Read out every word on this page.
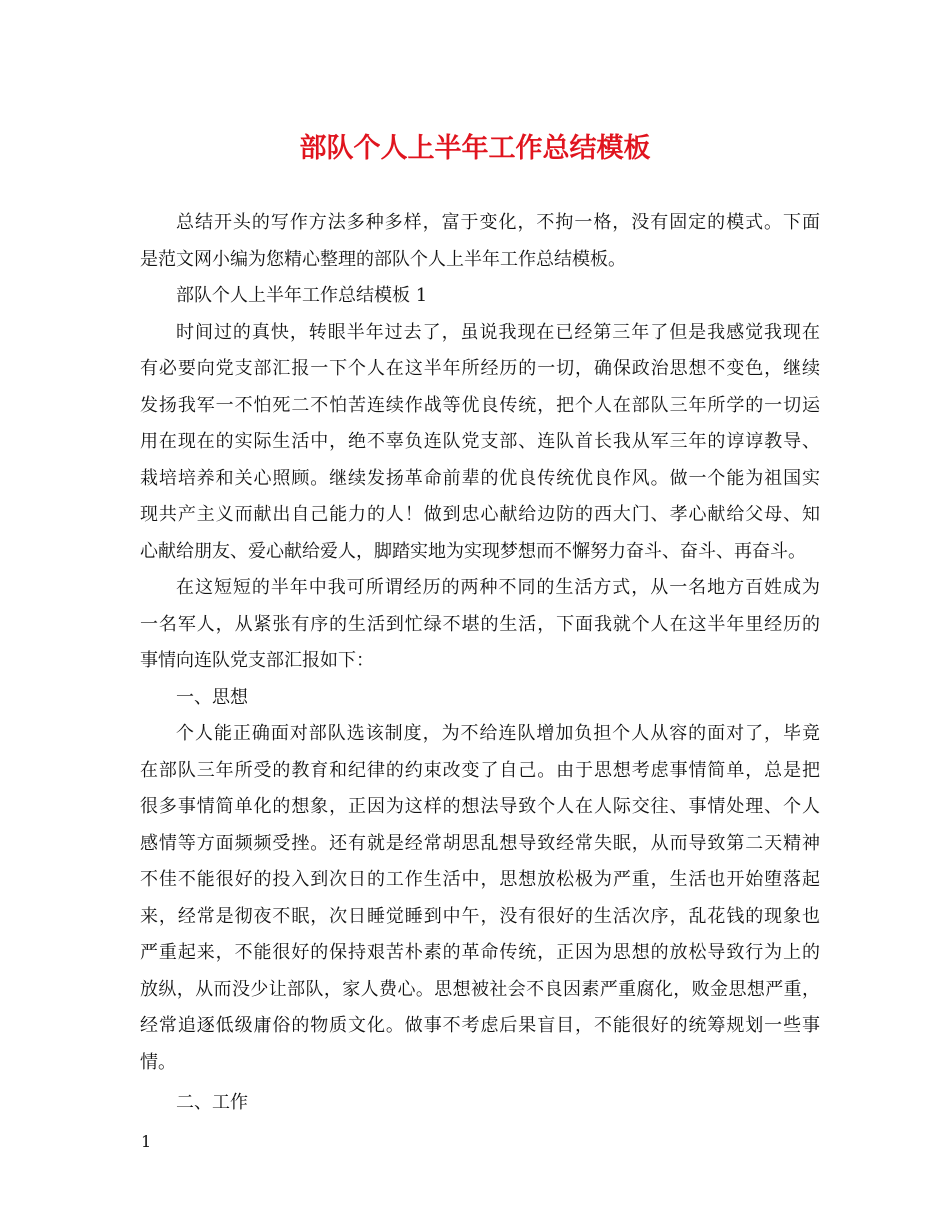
部队个人上半年工作总结模板
总结开头的写作方法多种多样，富于变化，不拘一格，没有固定的模式。下面
是范文网小编为您精心整理的部队个人上半年工作总结模板。
部队个人上半年工作总结模板 1
时间过的真快，转眼半年过去了，虽说我现在已经第三年了但是我感觉我现在
有必要向党支部汇报一下个人在这半年所经历的一切，确保政治思想不变色，继续
发扬我军一不怕死二不怕苦连续作战等优良传统，把个人在部队三年所学的一切运
用在现在的实际生活中，绝不辜负连队党支部、连队首长我从军三年的谆谆教导、
栽培培养和关心照顾。继续发扬革命前辈的优良传统优良作风。做一个能为祖国实
现共产主义而献出自己能力的人！做到忠心献给边防的西大门、孝心献给父母、知
心献给朋友、爱心献给爱人，脚踏实地为实现梦想而不懈努力奋斗、奋斗、再奋斗。
在这短短的半年中我可所谓经历的两种不同的生活方式，从一名地方百姓成为
一名军人，从紧张有序的生活到忙绿不堪的生活，下面我就个人在这半年里经历的
事情向连队党支部汇报如下：
一、思想
个人能正确面对部队选该制度，为不给连队增加负担个人从容的面对了，毕竟
在部队三年所受的教育和纪律的约束改变了自己。由于思想考虑事情简单，总是把
很多事情简单化的想象，正因为这样的想法导致个人在人际交往、事情处理、个人
感情等方面频频受挫。还有就是经常胡思乱想导致经常失眠，从而导致第二天精神
不佳不能很好的投入到次日的工作生活中，思想放松极为严重，生活也开始堕落起
来，经常是彻夜不眠，次日睡觉睡到中午，没有很好的生活次序，乱花钱的现象也
严重起来，不能很好的保持艰苦朴素的革命传统，正因为思想的放松导致行为上的
放纵，从而没少让部队，家人费心。思想被社会不良因素严重腐化，败金思想严重，
经常追逐低级庸俗的物质文化。做事不考虑后果盲目，不能很好的统筹规划一些事
情。
二、工作
1
